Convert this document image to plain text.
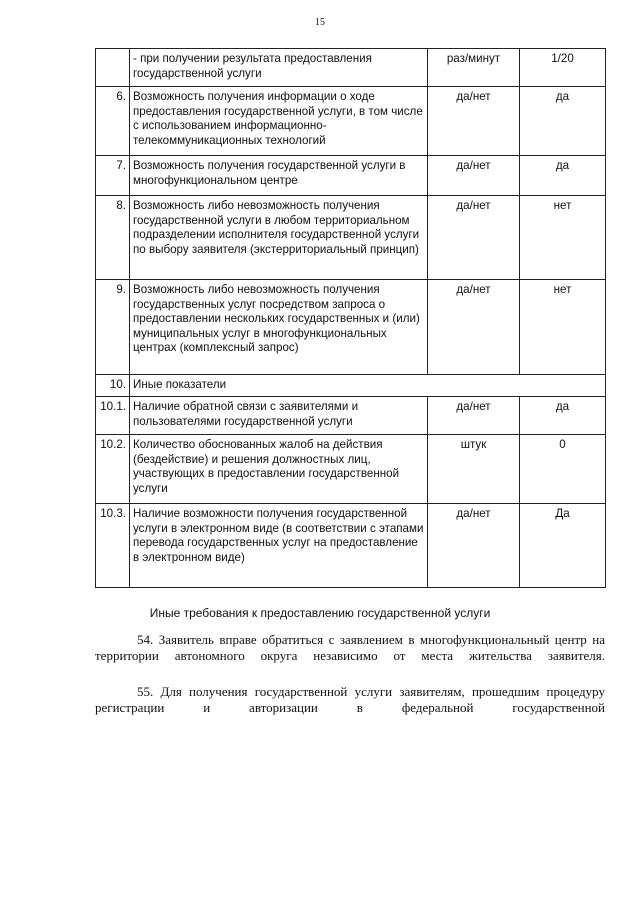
15
	- при получении результата предоставления государственной услуги	раз/минут	1/20
6.	Возможность получения информации о ходе предоставления государственной услуги, в том числе с использованием информационно-телекоммуникационных технологий	да/нет	да
7.	Возможность получения государственной услуги в многофункциональном центре	да/нет	да
8.	Возможность либо невозможность получения государственной услуги в любом территориальном подразделении исполнителя государственной услуги по выбору заявителя (экстерриториальный принцип)	да/нет	нет
9.	Возможность либо невозможность получения государственных услуг посредством запроса о предоставлении нескольких государственных и (или) муниципальных услуг в многофункциональных центрах (комплексный запрос)	да/нет	нет
10.	Иные показатели		
10.1.	Наличие обратной связи с заявителями и пользователями государственной услуги	да/нет	да
10.2.	Количество обоснованных жалоб на действия (бездействие) и решения должностных лиц, участвующих в предоставлении государственной услуги	штук	0
10.3.	Наличие возможности получения государственной услуги в электронном виде (в соответствии с этапами перевода государственных услуг на предоставление в электронном виде)	да/нет	Да
Иные требования к предоставлению государственной услуги

54. Заявитель вправе обратиться с заявлением в многофункциональный центр на территории автономного округа независимо от места жительства заявителя.

55. Для получения государственной услуги заявителям, прошедшим процедуру регистрации и авторизации в федеральной государственной
